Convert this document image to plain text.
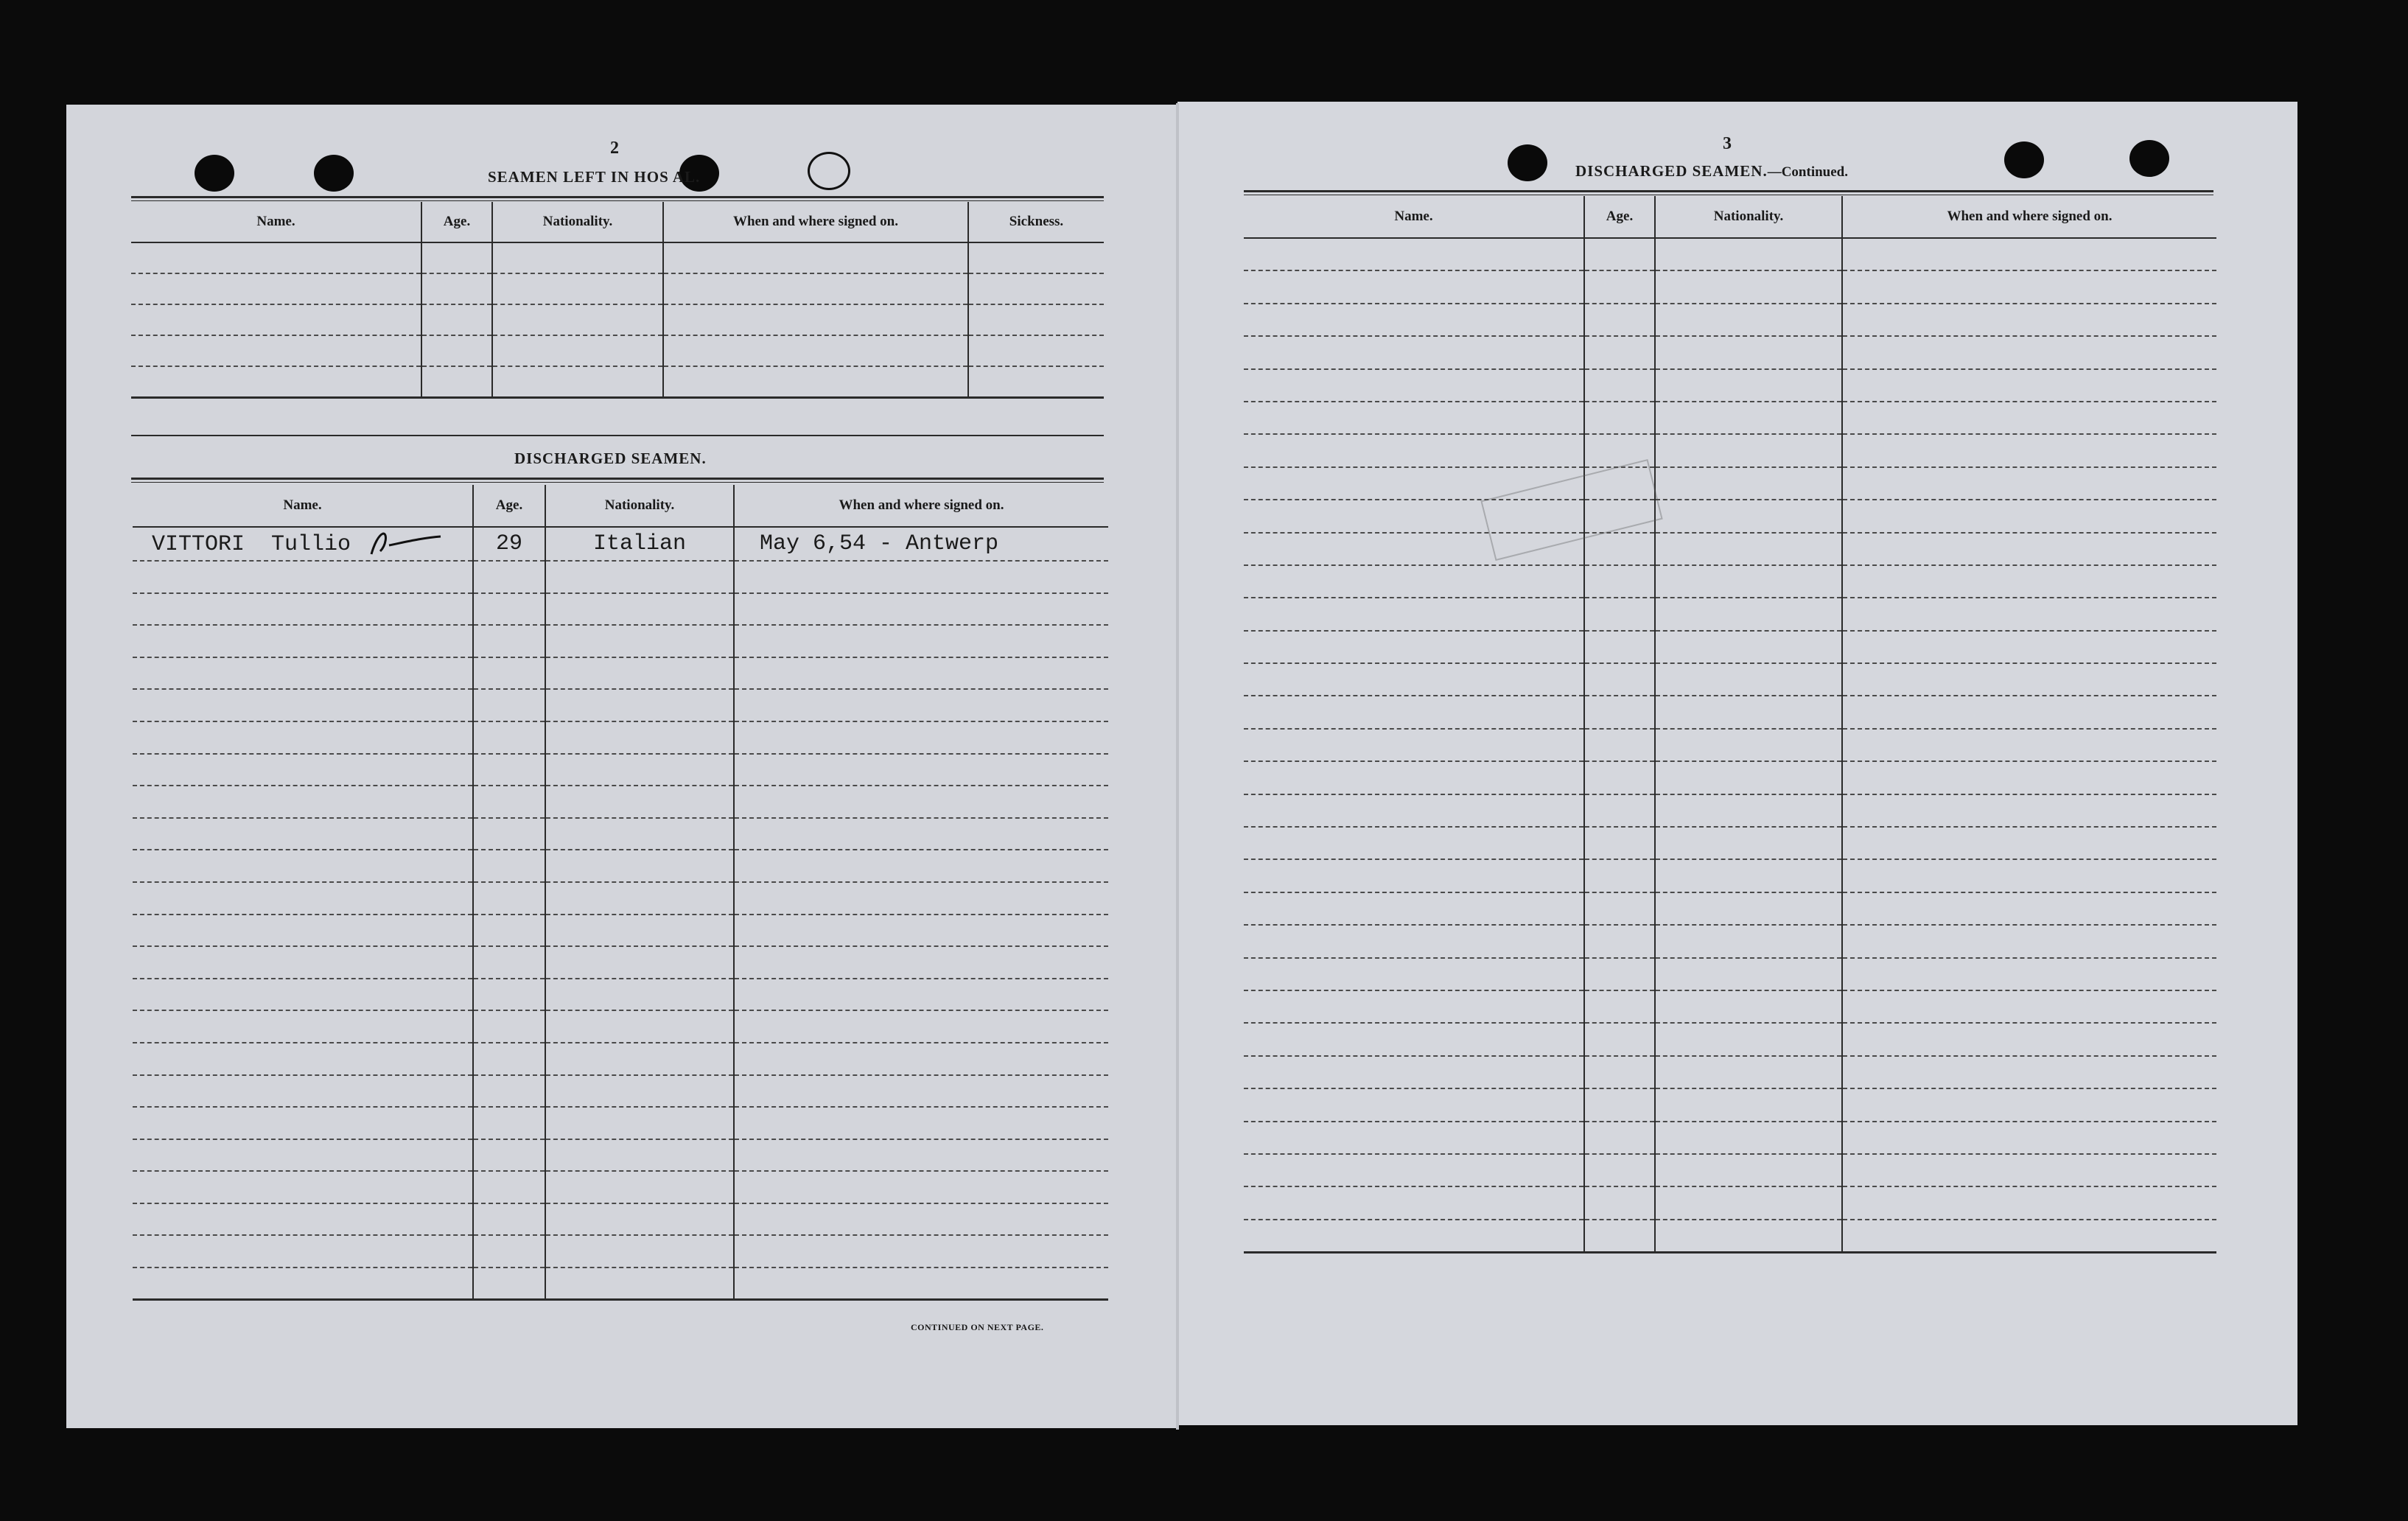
2
SEAMEN LEFT IN HOS AL.
Name.	Age.	Nationality.	When and where signed on.	Sickness.

DISCHARGED SEAMEN.
Name.	Age.	Nationality.	When and where signed on.
VITTORI  Tullio	29	Italian	May 6,54 - Antwerp

CONTINUED ON NEXT PAGE.
3
DISCHARGED SEAMEN.—Continued.
Name.	Age.	Nationality.	When and where signed on.
